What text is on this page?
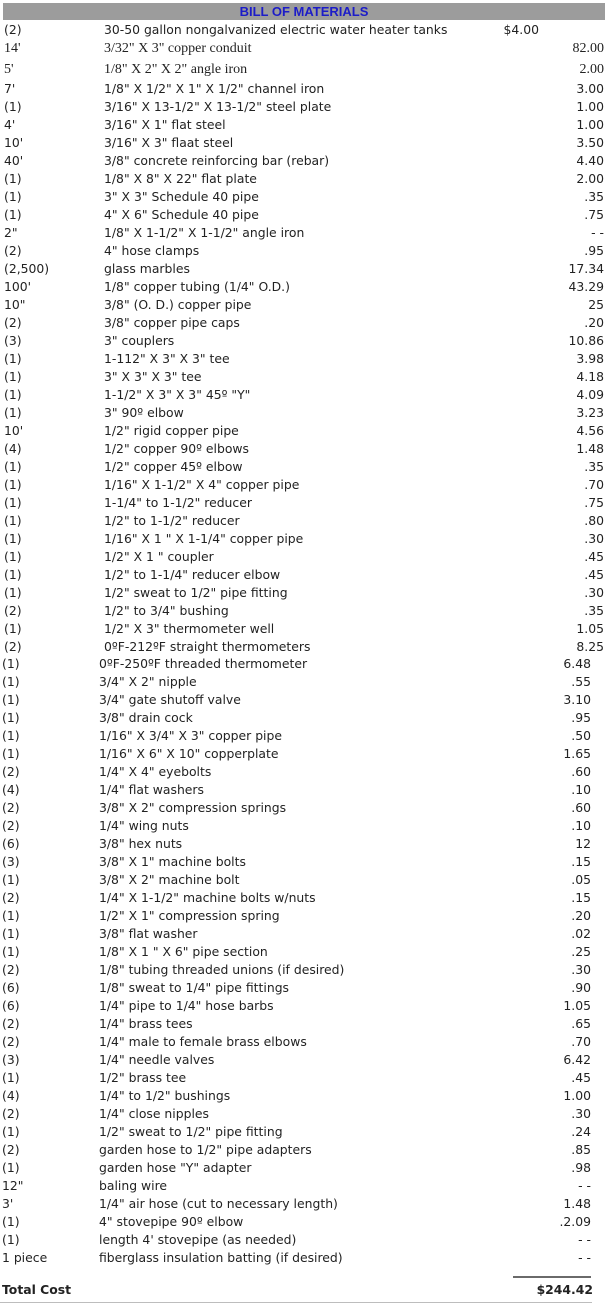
BILL OF MATERIALS
(2)	30-50 gallon nongalvanized electric water heater tanks	$4.00
14'	3/32" X 3" copper conduit	82.00
5'	1/8" X 2" X 2" angle iron	2.00
7'	1/8" X 1/2" X 1" X 1/2" channel iron	3.00
(1)	3/16" X 13-1/2" X 13-1/2" steel plate	1.00
4'	3/16" X 1" flat steel	1.00
10'	3/16" X 3" flaat steel	3.50
40'	3/8" concrete reinforcing bar (rebar)	4.40
(1)	1/8" X 8" X 22" flat plate	2.00
(1)	3" X 3" Schedule 40 pipe	.35
(1)	4" X 6" Schedule 40 pipe	.75
2"	1/8" X 1-1/2" X 1-1/2" angle iron	- -
(2)	4" hose clamps	.95
(2,500)	glass marbles	17.34
100'	1/8" copper tubing (1/4" O.D.)	43.29
10"	3/8" (O. D.) copper pipe	25
(2)	3/8" copper pipe caps	.20
(3)	3" couplers	10.86
(1)	1-112" X 3" X 3" tee	3.98
(1)	3" X 3" X 3" tee	4.18
(1)	1-1/2" X 3" X 3" 45º "Y"	4.09
(1)	3" 90º elbow	3.23
10'	1/2" rigid copper pipe	4.56
(4)	1/2" copper 90º elbows	1.48
(1)	1/2" copper 45º elbow	.35
(1)	1/16" X 1-1/2" X 4" copper pipe	.70
(1)	1-1/4" to 1-1/2" reducer	.75
(1)	1/2" to 1-1/2" reducer	.80
(1)	1/16" X 1 " X 1-1/4" copper pipe	.30
(1)	1/2" X 1 " coupler	.45
(1)	1/2" to 1-1/4" reducer elbow	.45
(1)	1/2" sweat to 1/2" pipe fitting	.30
(2)	1/2" to 3/4" bushing	.35
(1)	1/2" X 3" thermometer well	1.05
(2)	0ºF-212ºF straight thermometers	8.25
(1)	0ºF-250ºF threaded thermometer	6.48
(1)	3/4" X 2" nipple	.55
(1)	3/4" gate shutoff valve	3.10
(1)	3/8" drain cock	.95
(1)	1/16" X 3/4" X 3" copper pipe	.50
(1)	1/16" X 6" X 10" copperplate	1.65
(2)	1/4" X 4" eyebolts	.60
(4)	1/4" flat washers	.10
(2)	3/8" X 2" compression springs	.60
(2)	1/4" wing nuts	.10
(6)	3/8" hex nuts	12
(3)	3/8" X 1" machine bolts	.15
(1)	3/8" X 2" machine bolt	.05
(2)	1/4" X 1-1/2" machine bolts w/nuts	.15
(1)	1/2" X 1" compression spring	.20
(1)	3/8" flat washer	.02
(1)	1/8" X 1 " X 6" pipe section	.25
(2)	1/8" tubing threaded unions (if desired)	.30
(6)	1/8" sweat to 1/4" pipe fittings	.90
(6)	1/4" pipe to 1/4" hose barbs	1.05
(2)	1/4" brass tees	.65
(2)	1/4" male to female brass elbows	.70
(3)	1/4" needle valves	6.42
(1)	1/2" brass tee	.45
(4)	1/4" to 1/2" bushings	1.00
(2)	1/4" close nipples	.30
(1)	1/2" sweat to 1/2" pipe fitting	.24
(2)	garden hose to 1/2" pipe adapters	.85
(1)	garden hose "Y" adapter	.98
12"	baling wire	- -
3'	1/4" air hose (cut to necessary length)	1.48
(1)	4" stovepipe 90º elbow	.2.09
(1)	length 4' stovepipe (as needed)	- -
1 piece	fiberglass insulation batting (if desired)	- -
Total Cost	$244.42
